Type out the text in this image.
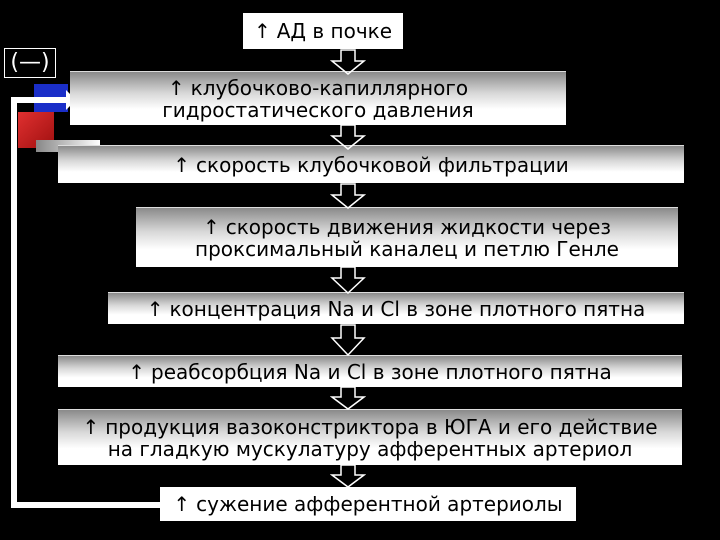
(—)
↑ АД в почке
↑ клубочково-капиллярного
гидростатического давления
↑ скорость клубочковой фильтрации
↑ скорость движения жидкости через
проксимальный каналец и петлю Генле
↑ концентрация Na и Cl в зоне плотного пятна
↑ реабсорбция Na и Cl в зоне плотного пятна
↑ продукция вазоконстриктора в ЮГА и его действие
на гладкую мускулатуру афферентных артериол
↑ сужение афферентной артериолы
